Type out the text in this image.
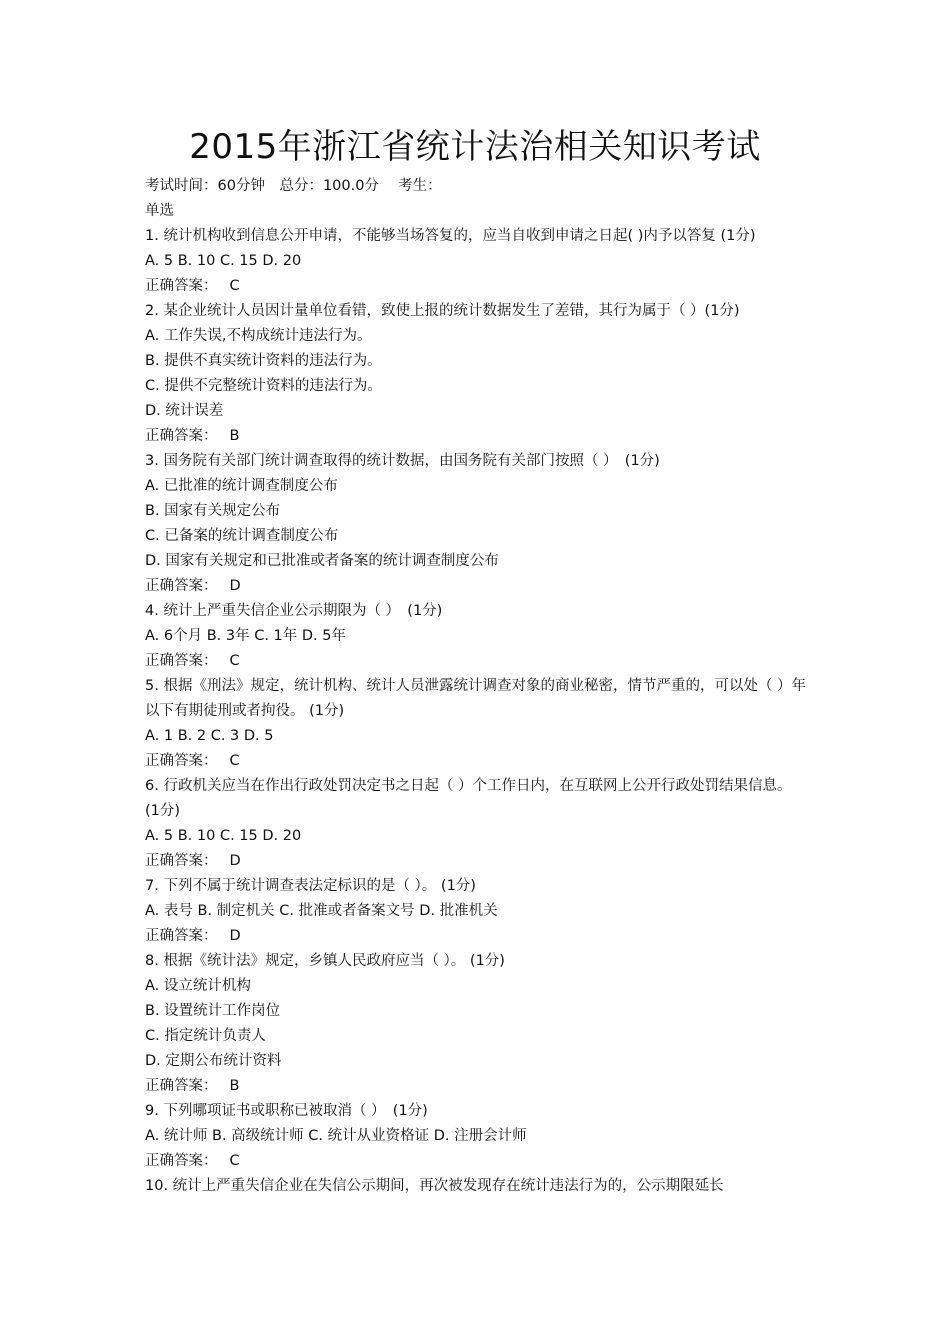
2015年浙江省统计法治相关知识考试
考试时间：60分钟　总分：100.0分　 考生：
单选
1. 统计机构收到信息公开申请，不能够当场答复的，应当自收到申请之日起( )内予以答复 (1分)
A. 5 B. 10 C. 15 D. 20
正确答案： C
2. 某企业统计人员因计量单位看错，致使上报的统计数据发生了差错，其行为属于（ ）(1分)
A. 工作失误,不构成统计违法行为。
B. 提供不真实统计资料的违法行为。
C. 提供不完整统计资料的违法行为。
D. 统计误差
正确答案： B
3. 国务院有关部门统计调查取得的统计数据，由国务院有关部门按照（ ）　(1分)
A. 已批准的统计调查制度公布
B. 国家有关规定公布
C. 已备案的统计调查制度公布
D. 国家有关规定和已批准或者备案的统计调查制度公布
正确答案： D
4. 统计上严重失信企业公示期限为（ ）　(1分)
A. 6个月 B. 3年 C. 1年 D. 5年
正确答案： C
5. 根据《刑法》规定，统计机构、统计人员泄露统计调查对象的商业秘密，情节严重的，可以处（ ）年以下有期徒刑或者拘役。 (1分)
A. 1 B. 2 C. 3 D. 5
正确答案： C
6. 行政机关应当在作出行政处罚决定书之日起（ ）个工作日内，在互联网上公开行政处罚结果信息。 (1分)
A. 5 B. 10 C. 15 D. 20
正确答案： D
7. 下列不属于统计调查表法定标识的是（ ）。 (1分)
A. 表号 B. 制定机关 C. 批准或者备案文号 D. 批准机关
正确答案： D
8. 根据《统计法》规定，乡镇人民政府应当（ ）。 (1分)
A. 设立统计机构
B. 设置统计工作岗位
C. 指定统计负责人
D. 定期公布统计资料
正确答案： B
9. 下列哪项证书或职称已被取消（ ）　(1分)
A. 统计师 B. 高级统计师 C. 统计从业资格证 D. 注册会计师
正确答案： C
10. 统计上严重失信企业在失信公示期间，再次被发现存在统计违法行为的，公示期限延长
